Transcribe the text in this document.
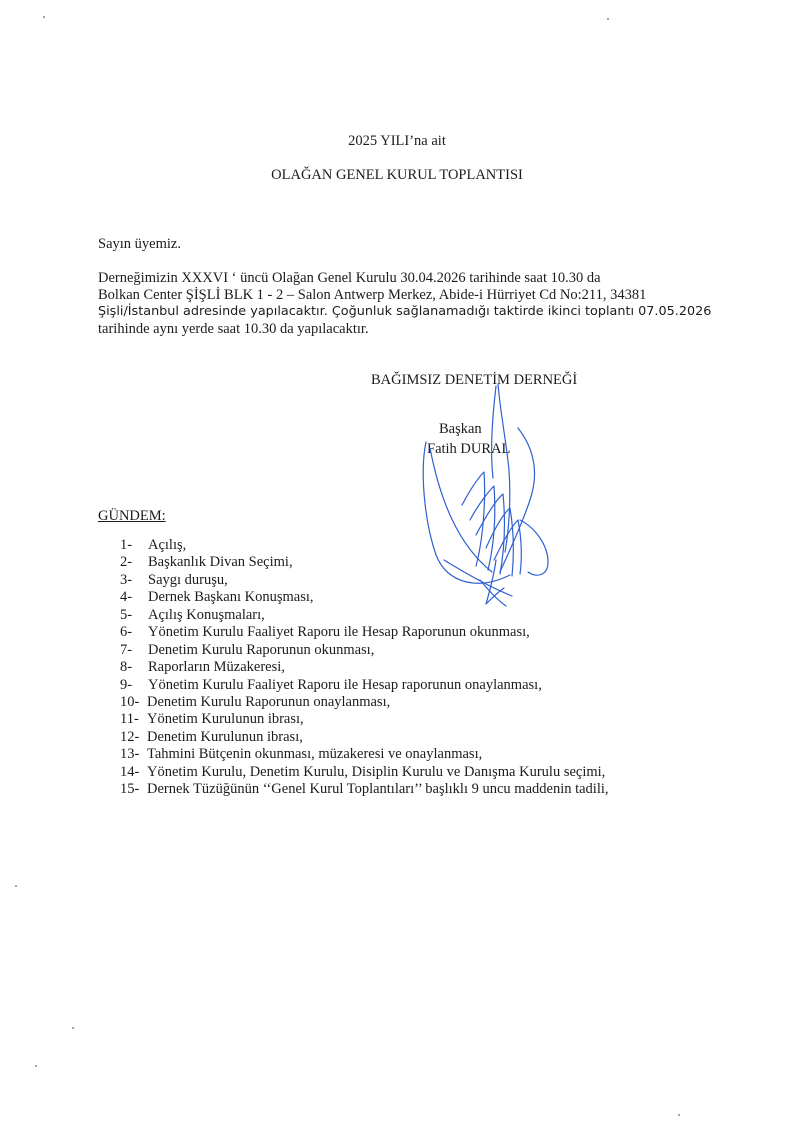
2025 YILI’na ait
OLAĞAN GENEL KURUL TOPLANTISI
Sayın üyemiz.
Derneğimizin XXXVI ‘ üncü Olağan Genel Kurulu 30.04.2026 tarihinde saat 10.30 da
Bolkan Center ŞİŞLİ BLK 1 - 2 – Salon Antwerp Merkez, Abide-i Hürriyet Cd No:211, 34381
Şişli/İstanbul adresinde yapılacaktır. Çoğunluk sağlanamadığı taktirde ikinci toplantı 07.05.2026
tarihinde aynı yerde saat 10.30 da yapılacaktır.
BAĞIMSIZ DENETİM DERNEĞİ
Başkan
Fatih DURAL
GÜNDEM:
1- Açılış,
2- Başkanlık Divan Seçimi,
3- Saygı duruşu,
4- Dernek Başkanı Konuşması,
5- Açılış Konuşmaları,
6- Yönetim Kurulu Faaliyet Raporu ile Hesap Raporunun okunması,
7- Denetim Kurulu Raporunun okunması,
8- Raporların Müzakeresi,
9- Yönetim Kurulu Faaliyet Raporu ile Hesap raporunun onaylanması,
10- Denetim Kurulu Raporunun onaylanması,
11- Yönetim Kurulunun ibrası,
12- Denetim Kurulunun ibrası,
13- Tahmini Bütçenin okunması, müzakeresi ve onaylanması,
14- Yönetim Kurulu, Denetim Kurulu, Disiplin Kurulu ve Danışma Kurulu seçimi,
15- Dernek Tüzüğünün ‘‘Genel Kurul Toplantıları’’ başlıklı 9 uncu maddenin tadili,
